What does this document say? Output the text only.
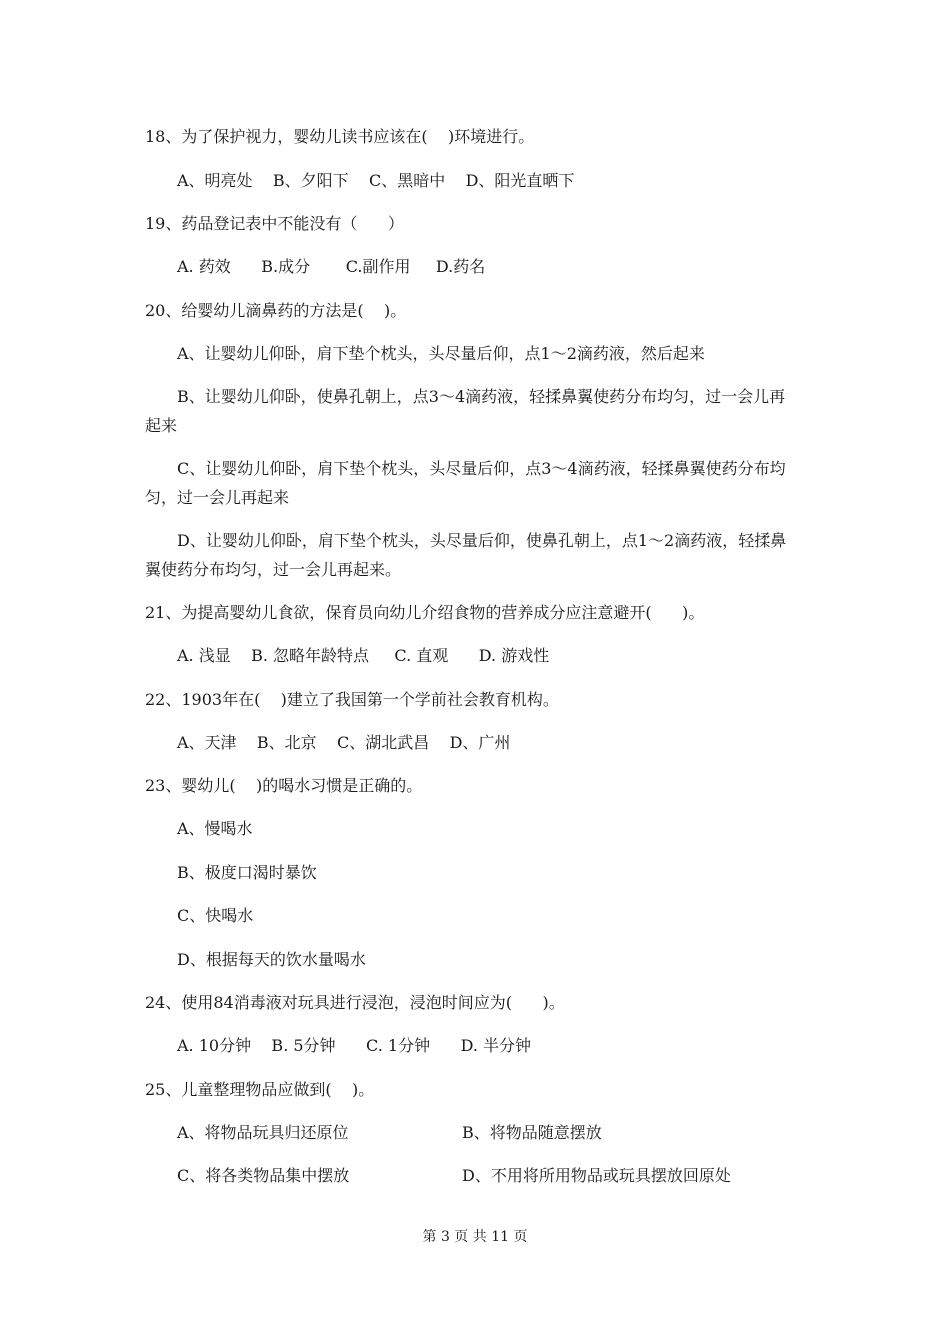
18、为了保护视力，婴幼儿读书应该在(    )环境进行。
A、明亮处    B、夕阳下    C、黑暗中    D、阳光直晒下
19、药品登记表中不能没有（      ）
A. 药效      B.成分       C.副作用     D.药名
20、给婴幼儿滴鼻药的方法是(    )。
A、让婴幼儿仰卧，肩下垫个枕头，头尽量后仰，点1～2滴药液，然后起来
B、让婴幼儿仰卧，使鼻孔朝上，点3～4滴药液，轻揉鼻翼使药分布均匀，过一会儿再
起来
C、让婴幼儿仰卧，肩下垫个枕头，头尽量后仰，点3～4滴药液，轻揉鼻翼使药分布均
匀，过一会儿再起来
D、让婴幼儿仰卧，肩下垫个枕头，头尽量后仰，使鼻孔朝上，点1～2滴药液，轻揉鼻
翼使药分布均匀，过一会儿再起来。
21、为提高婴幼儿食欲，保育员向幼儿介绍食物的营养成分应注意避开(      )。
A. 浅显    B. 忽略年龄特点     C. 直观      D. 游戏性
22、1903年在(    )建立了我国第一个学前社会教育机构。
A、天津    B、北京    C、湖北武昌    D、广州
23、婴幼儿(    )的喝水习惯是正确的。
A、慢喝水
B、极度口渴时暴饮
C、快喝水
D、根据每天的饮水量喝水
24、使用84消毒液对玩具进行浸泡，浸泡时间应为(      )。
A. 10分钟    B. 5分钟      C. 1分钟      D. 半分钟
25、儿童整理物品应做到(    )。
A、将物品玩具归还原位	B、将物品随意摆放
C、将各类物品集中摆放	D、不用将所用物品或玩具摆放回原处
第 3 页 共 11 页
